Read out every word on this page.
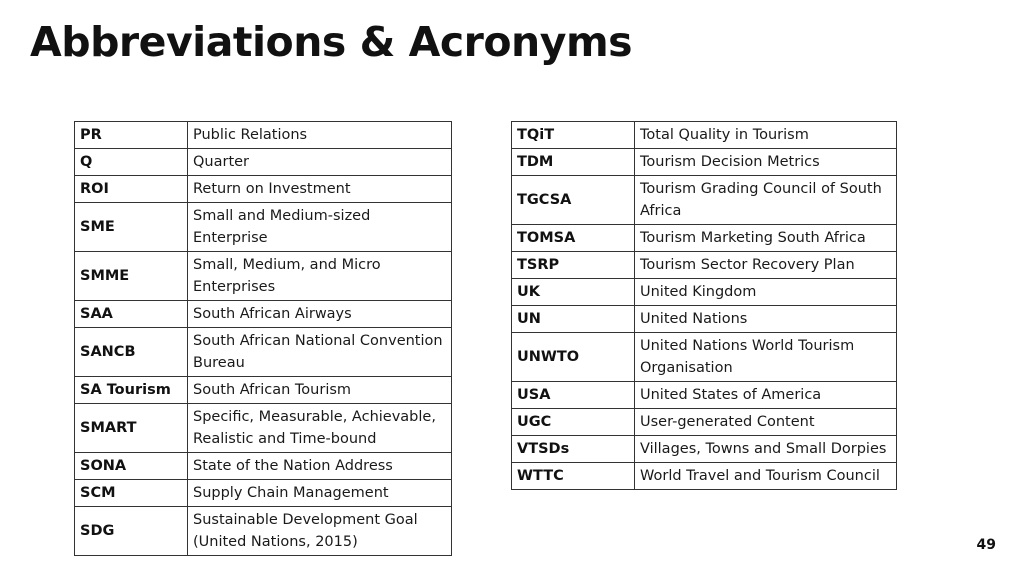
Abbreviations & Acronyms
PR	Public Relations
Q	Quarter
ROI	Return on Investment
SME	Small and Medium-sized Enterprise
SMME	Small, Medium, and Micro Enterprises
SAA	South African Airways
SANCB	South African National Convention Bureau
SA Tourism	South African Tourism
SMART	Specific, Measurable, Achievable, Realistic and Time-bound
SONA	State of the Nation Address
SCM	Supply Chain Management
SDG	Sustainable Development Goal (United Nations, 2015)
TQiT	Total Quality in Tourism
TDM	Tourism Decision Metrics
TGCSA	Tourism Grading Council of South Africa
TOMSA	Tourism Marketing South Africa
TSRP	Tourism Sector Recovery Plan
UK	United Kingdom
UN	United Nations
UNWTO	United Nations World Tourism Organisation
USA	United States of America
UGC	User-generated Content
VTSDs	Villages, Towns and Small Dorpies
WTTC	World Travel and Tourism Council
49
